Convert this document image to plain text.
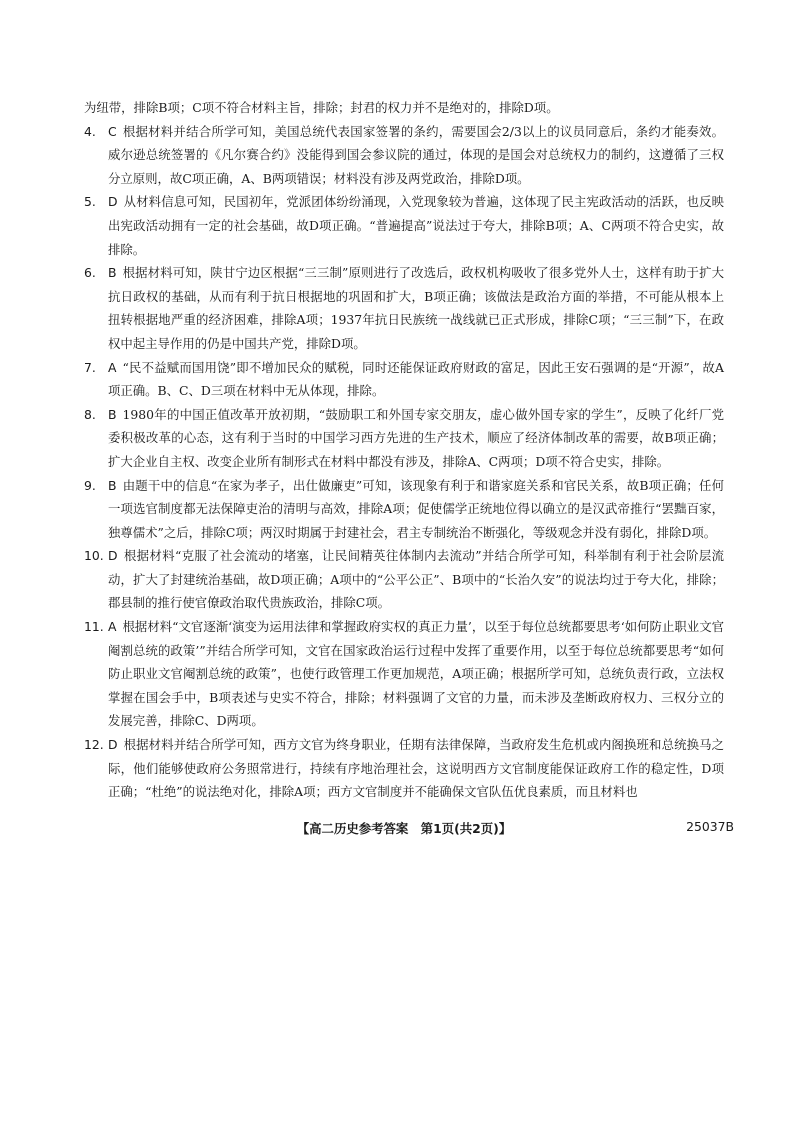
为纽带，排除B项；C项不符合材料主旨，排除；封君的权力并不是绝对的，排除D项。

4. C 根据材料并结合所学可知，美国总统代表国家签署的条约，需要国会2/3以上的议员同意后，条约才能奏效。威尔逊总统签署的《凡尔赛合约》没能得到国会参议院的通过，体现的是国会对总统权力的制约，这遵循了三权分立原则，故C项正确，A、B两项错误；材料没有涉及两党政治，排除D项。

5. D 从材料信息可知，民国初年，党派团体纷纷涌现，入党现象较为普遍，这体现了民主宪政活动的活跃，也反映出宪政活动拥有一定的社会基础，故D项正确。“普遍提高”说法过于夸大，排除B项；A、C两项不符合史实，故排除。

6. B 根据材料可知，陕甘宁边区根据“三三制”原则进行了改选后，政权机构吸收了很多党外人士，这样有助于扩大抗日政权的基础，从而有利于抗日根据地的巩固和扩大，B项正确；该做法是政治方面的举措，不可能从根本上扭转根据地严重的经济困难，排除A项；1937年抗日民族统一战线就已正式形成，排除C项；“三三制”下，在政权中起主导作用的仍是中国共产党，排除D项。

7. A “民不益赋而国用饶”即不增加民众的赋税，同时还能保证政府财政的富足，因此王安石强调的是“开源”，故A项正确。B、C、D三项在材料中无从体现，排除。

8. B 1980年的中国正值改革开放初期，“鼓励职工和外国专家交朋友，虚心做外国专家的学生”，反映了化纤厂党委积极改革的心态，这有利于当时的中国学习西方先进的生产技术，顺应了经济体制改革的需要，故B项正确；扩大企业自主权、改变企业所有制形式在材料中都没有涉及，排除A、C两项；D项不符合史实，排除。

9. B 由题干中的信息“在家为孝子，出仕做廉吏”可知，该现象有利于和谐家庭关系和官民关系，故B项正确；任何一项选官制度都无法保障吏治的清明与高效，排除A项；促使儒学正统地位得以确立的是汉武帝推行“罢黜百家，独尊儒术”之后，排除C项；两汉时期属于封建社会，君主专制统治不断强化，等级观念并没有弱化，排除D项。

10. D 根据材料“克服了社会流动的堵塞，让民间精英往体制内去流动”并结合所学可知，科举制有利于社会阶层流动，扩大了封建统治基础，故D项正确；A项中的“公平公正”、B项中的“长治久安”的说法均过于夸大化，排除；郡县制的推行使官僚政治取代贵族政治，排除C项。

11. A 根据材料“文官逐渐‘演变为运用法律和掌握政府实权的真正力量’，以至于每位总统都要思考‘如何防止职业文官阉割总统的政策’”并结合所学可知，文官在国家政治运行过程中发挥了重要作用，以至于每位总统都要思考“如何防止职业文官阉割总统的政策”，也使行政管理工作更加规范，A项正确；根据所学可知，总统负责行政，立法权掌握在国会手中，B项表述与史实不符合，排除；材料强调了文官的力量，而未涉及垄断政府权力、三权分立的发展完善，排除C、D两项。

12. D 根据材料并结合所学可知，西方文官为终身职业，任期有法律保障，当政府发生危机或内阁换班和总统换马之际，他们能够使政府公务照常进行，持续有序地治理社会，这说明西方文官制度能保证政府工作的稳定性，D项正确；“杜绝”的说法绝对化，排除A项；西方文官制度并不能确保文官队伍优良素质，而且材料也

【高二历史参考答案　第1页(共2页)】	25037B
